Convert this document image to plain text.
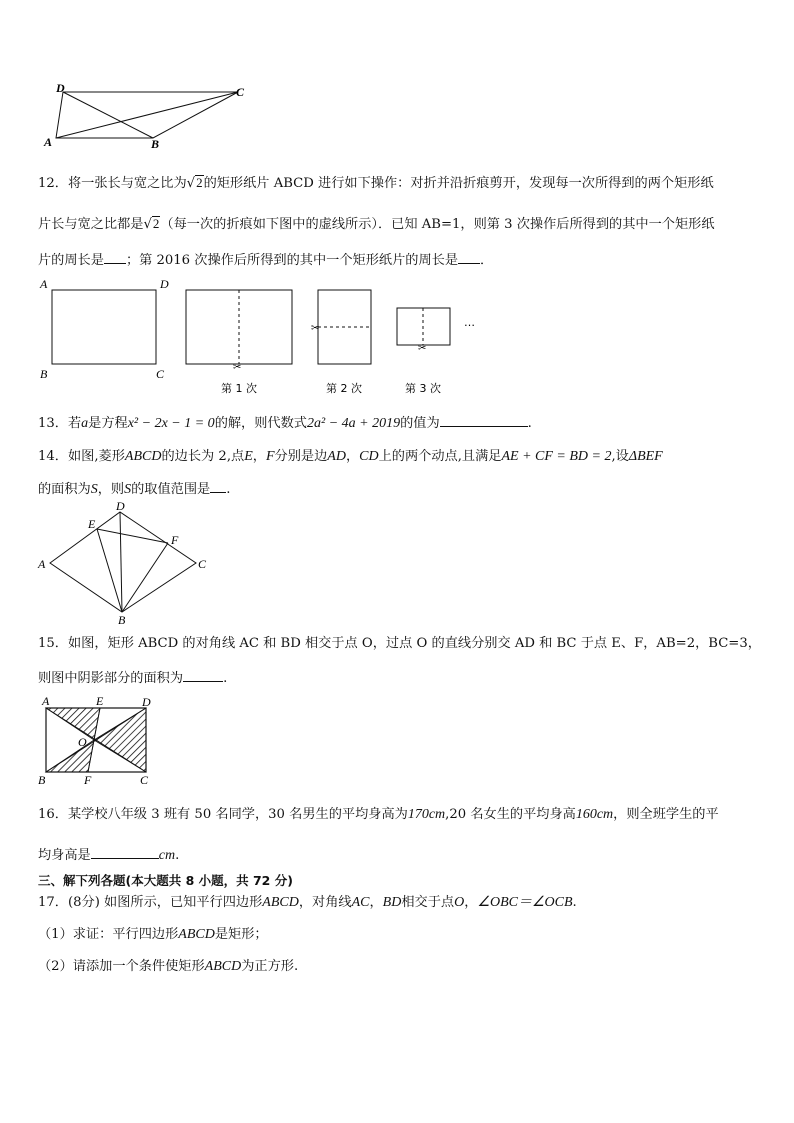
D	C
A	B
12．将一张长与宽之比为√2的矩形纸片 ABCD 进行如下操作：对折并沿折痕剪开，发现每一次所得到的两个矩形纸
片长与宽之比都是√2（每一次的折痕如下图中的虚线所示）．已知 AB=1，则第 3 次操作后所得到的其中一个矩形纸
片的周长是 ；第 2016 次操作后所得到的其中一个矩形纸片的周长是 ．
A	D
B	C	✂
第 1 次
✂
第 2 次
✂
…
第 3 次
13．若a是方程x² − 2x − 1 = 0的解，则代数式2a² − 4a + 2019的值为	.
14．如图,菱形ABCD的边长为 2,点E，F分别是边AD，CD上的两个动点,且满足AE + CF = BD = 2,设ΔBEF
的面积为S，则S的取值范围是 .
A
D
E
F
C
B
15．如图，矩形 ABCD 的对角线 AC 和 BD 相交于点 O，过点 O 的直线分别交 AD 和 BC 于点 E、F，AB=2，BC=3，
则图中阴影部分的面积为	.
A	E	D
O
B	F	C
16．某学校八年级 3 班有 50 名同学，30 名男生的平均身高为170cm,20 名女生的平均身高160cm，则全班学生的平
均身高是	cm.
三、解下列各题(本大题共 8 小题，共 72 分)
17．(8分) 如图所示，已知平行四边形ABCD，对角线AC，BD相交于点O，∠OBC＝∠OCB.
（1）求证：平行四边形ABCD是矩形；
（2）请添加一个条件使矩形ABCD为正方形.
